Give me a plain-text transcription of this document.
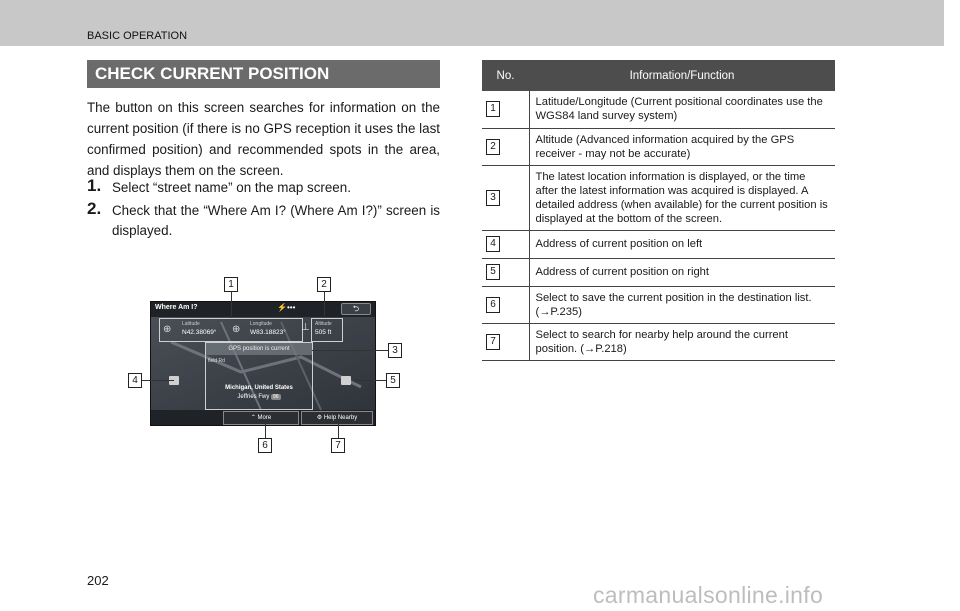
BASIC OPERATION
CHECK CURRENT POSITION
The button on this screen searches for information on the current position (if there is no GPS reception it uses the last confirmed position) and recommended spots in the area, and displays them on the screen.
1. Select “street name” on the map screen.
2. Check that the “Where Am I? (Where Am I?)” screen is displayed.
Where Am I?	⚡•••	⮌
⊕ Latitude
N42.38069° ⊕ Longitude
W83.18823° ⊥ Altitude
505 ft
GPS position is current
field Rd
Michigan, United States
Jeffries Fwy 96
⌃ More	⚙ Help Nearby
1	2
3
4	5
6	7
No.	Information/Function
1	Latitude/Longitude (Current positional coordinates use the WGS84 land survey system)
2	Altitude (Advanced information acquired by the GPS receiver - may not be accurate)
3	The latest location information is displayed, or the time after the latest information was acquired is displayed. A detailed address (when available) for the current position is displayed at the bottom of the screen.
4	Address of current position on left
5	Address of current position on right
6	Select to save the current position in the destination list. (→P.235)
7	Select to search for nearby help around the current position. (→P.218)
202
carmanualsonline.info
